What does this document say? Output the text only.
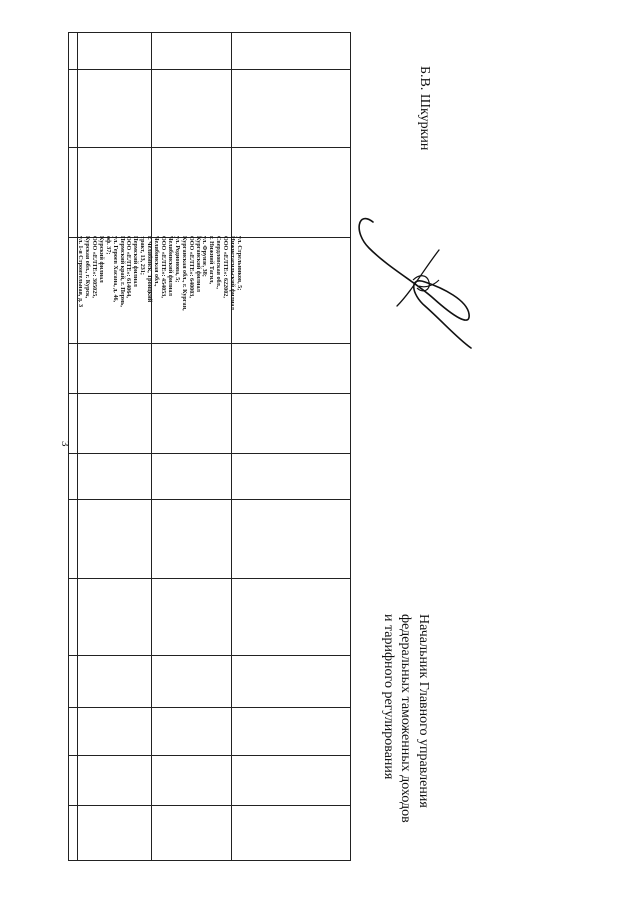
3
ул. Стрельников, 5;
Нижнетагильский филиал
ООО «ЕЛТЕ»: 622002,
Свердловская обл.,
г. Нижний Тагил,
ул. Фрунзе, 38;
Курганский филиал
ООО «ЕЛТЕ»: 640003,
Курганская обл., г. Курган,
ул. Родионова, 5;
Челябинский филиал
ООО «ЕЛТЕ»: 454053,
Челябинская обл.,
г. Челябинск, Троицкий
тракт, 13, 231;
Пермский филиал
ООО «ЕЛТЕ»: 614064,
Пермский край, г. Пермь,
ул. Героев Хасана, д. 46,
оф. 37;
Курский филиал
ООО «ЕЛТЕ»: 305025,
Курская обл., г. Курск,
ул. 1-я Строительная, д. 3
Б.В. Шкуркин
Начальник Главного управления
федеральных таможенных доходов
и тарифного регулирования
